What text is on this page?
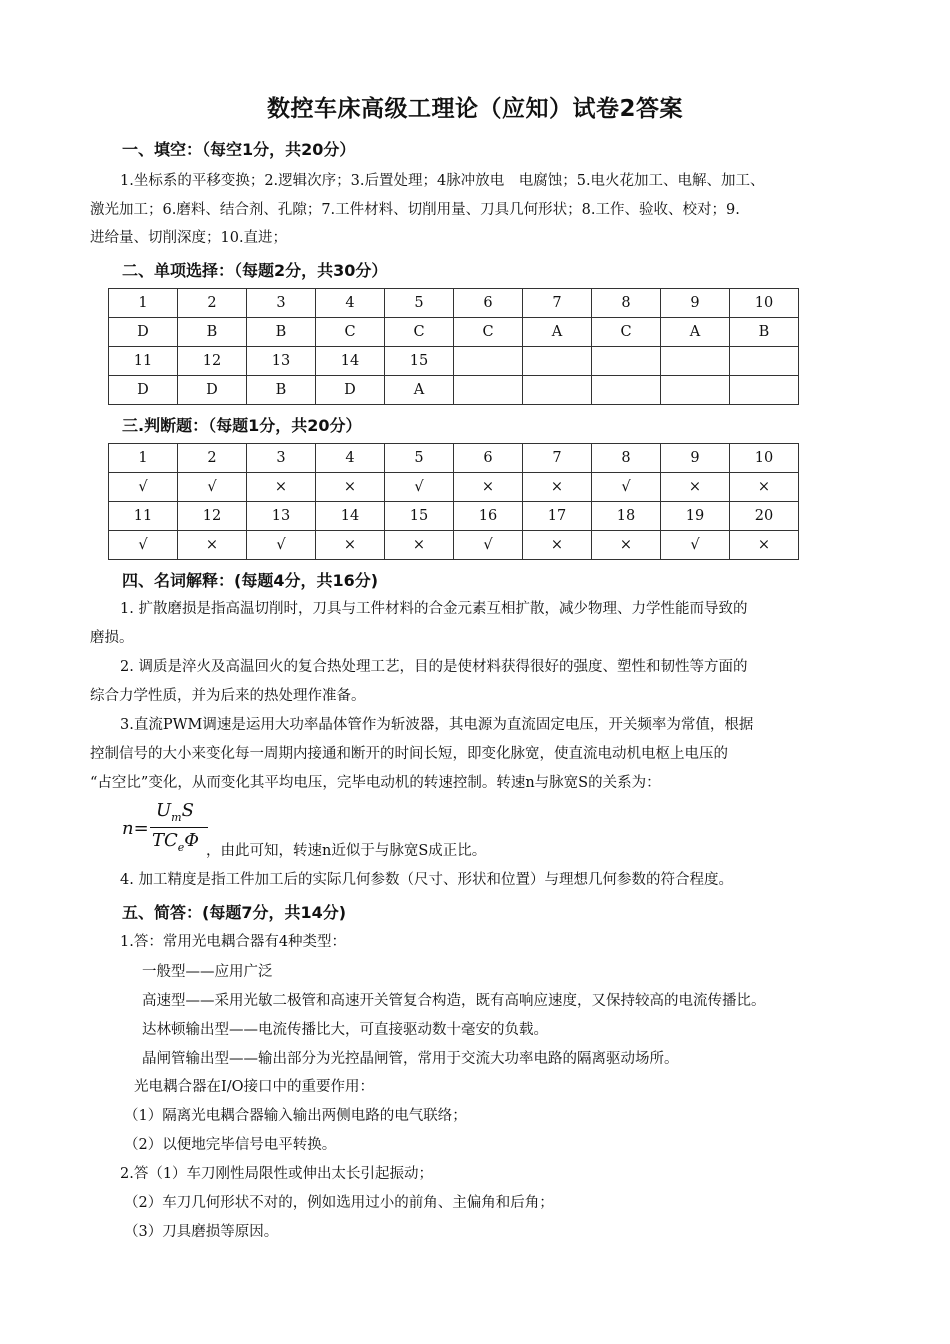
数控车床高级工理论（应知）试卷2答案
一、填空：（每空1分，共20分）
1.坐标系的平移变换；2.逻辑次序；3.后置处理；4脉冲放电　电腐蚀；5.电火花加工、电解、加工、
激光加工；6.磨料、结合剂、孔隙；7.工件材料、切削用量、刀具几何形状；8.工作、验收、校对；9.
进给量、切削深度；10.直进；
二、单项选择：（每题2分，共30分）
1	2	3	4	5	6	7	8	9	10
D	B	B	C	C	C	A	C	A	B
11	12	13	14	15					
D	D	B	D	A					
三.判断题：（每题1分，共20分）
1	2	3	4	5	6	7	8	9	10
√	√	×	×	√	×	×	√	×	×
11	12	13	14	15	16	17	18	19	20
√	×	√	×	×	√	×	×	√	×
四、名词解释：(每题4分，共16分)
1. 扩散磨损是指高温切削时，刀具与工件材料的合金元素互相扩散，减少物理、力学性能而导致的
磨损。
2. 调质是淬火及高温回火的复合热处理工艺，目的是使材料获得很好的强度、塑性和韧性等方面的
综合力学性质，并为后来的热处理作准备。
3.直流PWM调速是运用大功率晶体管作为斩波器，其电源为直流固定电压，开关频率为常值，根据
控制信号的大小来变化每一周期内接通和断开的时间长短，即变化脉宽，使直流电动机电枢上电压的
“占空比”变化，从而变化其平均电压，完毕电动机的转速控制。转速n与脉宽S的关系为：
n=
$U_mS$
$TC_e\Phi$ ，由此可知，转速n近似于与脉宽S成正比。
4. 加工精度是指工件加工后的实际几何参数（尺寸、形状和位置）与理想几何参数的符合程度。
五、简答：(每题7分，共14分)
1.答：常用光电耦合器有4种类型：
一般型——应用广泛
高速型——采用光敏二极管和高速开关管复合构造，既有高响应速度，又保持较高的电流传播比。
达林顿输出型——电流传播比大，可直接驱动数十毫安的负载。
晶闸管输出型——输出部分为光控晶闸管，常用于交流大功率电路的隔离驱动场所。
光电耦合器在I/O接口中的重要作用：
（1）隔离光电耦合器输入输出两侧电路的电气联络；
（2）以便地完毕信号电平转换。
2.答（1）车刀刚性局限性或伸出太长引起振动；
（2）车刀几何形状不对的，例如选用过小的前角、主偏角和后角；
（3）刀具磨损等原因。
